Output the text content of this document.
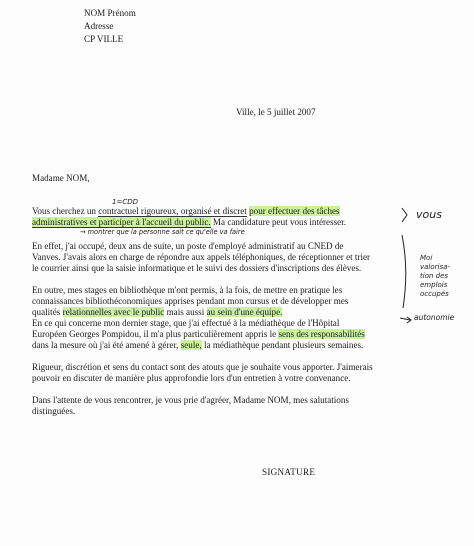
NOM Prénom
Adresse
CP VILLE
Ville, le 5 juillet 2007
Madame NOM,
1=CDD
Vous cherchez un contractuel rigoureux, organisé et discret pour effectuer des tâches
administratives et participer à l'accueil du public. Ma candidature peut vous intéresser.
→ montrer que la personne sait ce qu'elle va faire
En effet, j'ai occupé, deux ans de suite, un poste d'employé administratif au CNED de
Vanves. J'avais alors en charge de répondre aux appels téléphoniques, de réceptionner et trier
le courrier ainsi que la saisie informatique et le suivi des dossiers d'inscriptions des élèves.
En outre, mes stages en bibliothèque m'ont permis, à la fois, de mettre en pratique les
connaissances bibliothéconomiques apprises pendant mon cursus et de développer mes
qualités relationnelles avec le public mais aussi au sein d'une équipe.
En ce qui concerne mon dernier stage, que j'ai effectué à la médiathèque de l'Hôpital
Européen Georges Pompidou, il m'a plus particulièrement appris le sens des responsabilités
dans la mesure où j'ai été amené à gérer, seule, la médiathèque pendant plusieurs semaines.
Rigueur, discrétion et sens du contact sont des atouts que je souhaite vous apporter. J'aimerais
pouvoir en discuter de manière plus approfondie lors d'un entretien à votre convenance.
Dans l'attente de vous rencontrer, je vous prie d'agréer, Madame NOM, mes salutations
distinguées.
SIGNATURE
vous
Moi
valorisa-
tion des
emplois
occupés
autonomie
